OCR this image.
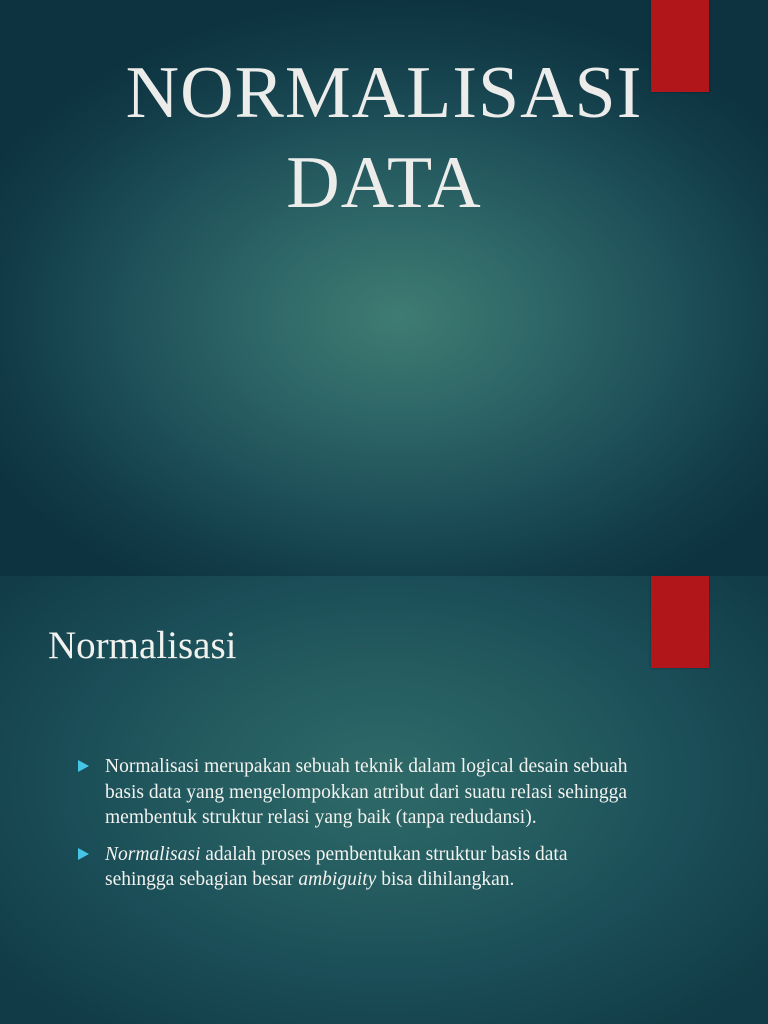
NORMALISASI
DATA
Normalisasi
Normalisasi merupakan sebuah teknik dalam logical desain sebuah basis data yang mengelompokkan atribut dari suatu relasi sehingga membentuk struktur relasi yang baik (tanpa redudansi).
Normalisasi adalah proses pembentukan struktur basis data sehingga sebagian besar ambiguity bisa dihilangkan.
